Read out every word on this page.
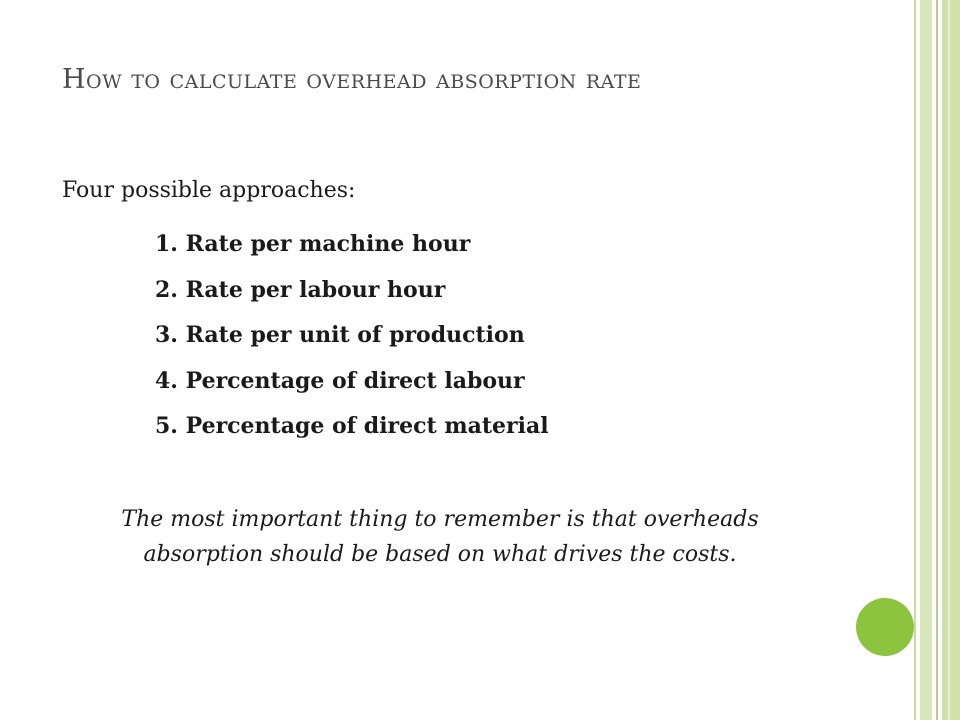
How to calculate overhead absorption rate
Four possible approaches:
1. Rate per machine hour
2. Rate per labour hour
3. Rate per unit of production
4. Percentage of direct labour
5. Percentage of direct material
The most important thing to remember is that overheads absorption should be based on what drives the costs.
